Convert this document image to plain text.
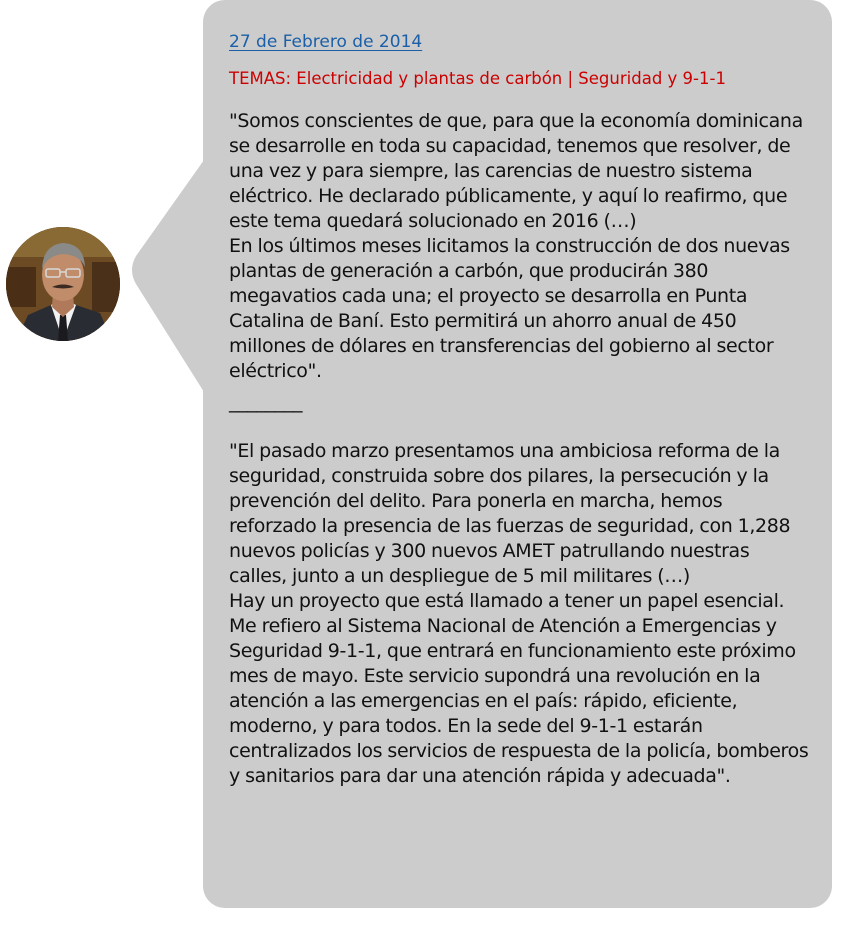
27 de Febrero de 2014
TEMAS: Electricidad y plantas de carbón | Seguridad y 9-1-1

"Somos conscientes de que, para que la economía dominicana se desarrolle en toda su capacidad, tenemos que resolver, de una vez y para siempre, las carencias de nuestro sistema eléctrico. He declarado públicamente, y aquí lo reafirmo, que este tema quedará solucionado en 2016 (…)

En los últimos meses licitamos la construcción de dos nuevas plantas de generación a carbón, que producirán 380 megavatios cada una; el proyecto se desarrolla en Punta Catalina de Baní. Esto permitirá un ahorro anual de 450 millones de dólares en transferencias del gobierno al sector eléctrico".

________

"El pasado marzo presentamos una ambiciosa reforma de la seguridad, construida sobre dos pilares, la persecución y la prevención del delito. Para ponerla en marcha, hemos reforzado la presencia de las fuerzas de seguridad, con 1,288 nuevos policías y 300 nuevos AMET patrullando nuestras calles, junto a un despliegue de 5 mil militares (…)

Hay un proyecto que está llamado a tener un papel esencial. Me refiero al Sistema Nacional de Atención a Emergencias y Seguridad 9-1-1, que entrará en funcionamiento este próximo mes de mayo. Este servicio supondrá una revolución en la atención a las emergencias en el país: rápido, eficiente, moderno, y para todos. En la sede del 9-1-1 estarán centralizados los servicios de respuesta de la policía, bomberos y sanitarios para dar una atención rápida y adecuada".
